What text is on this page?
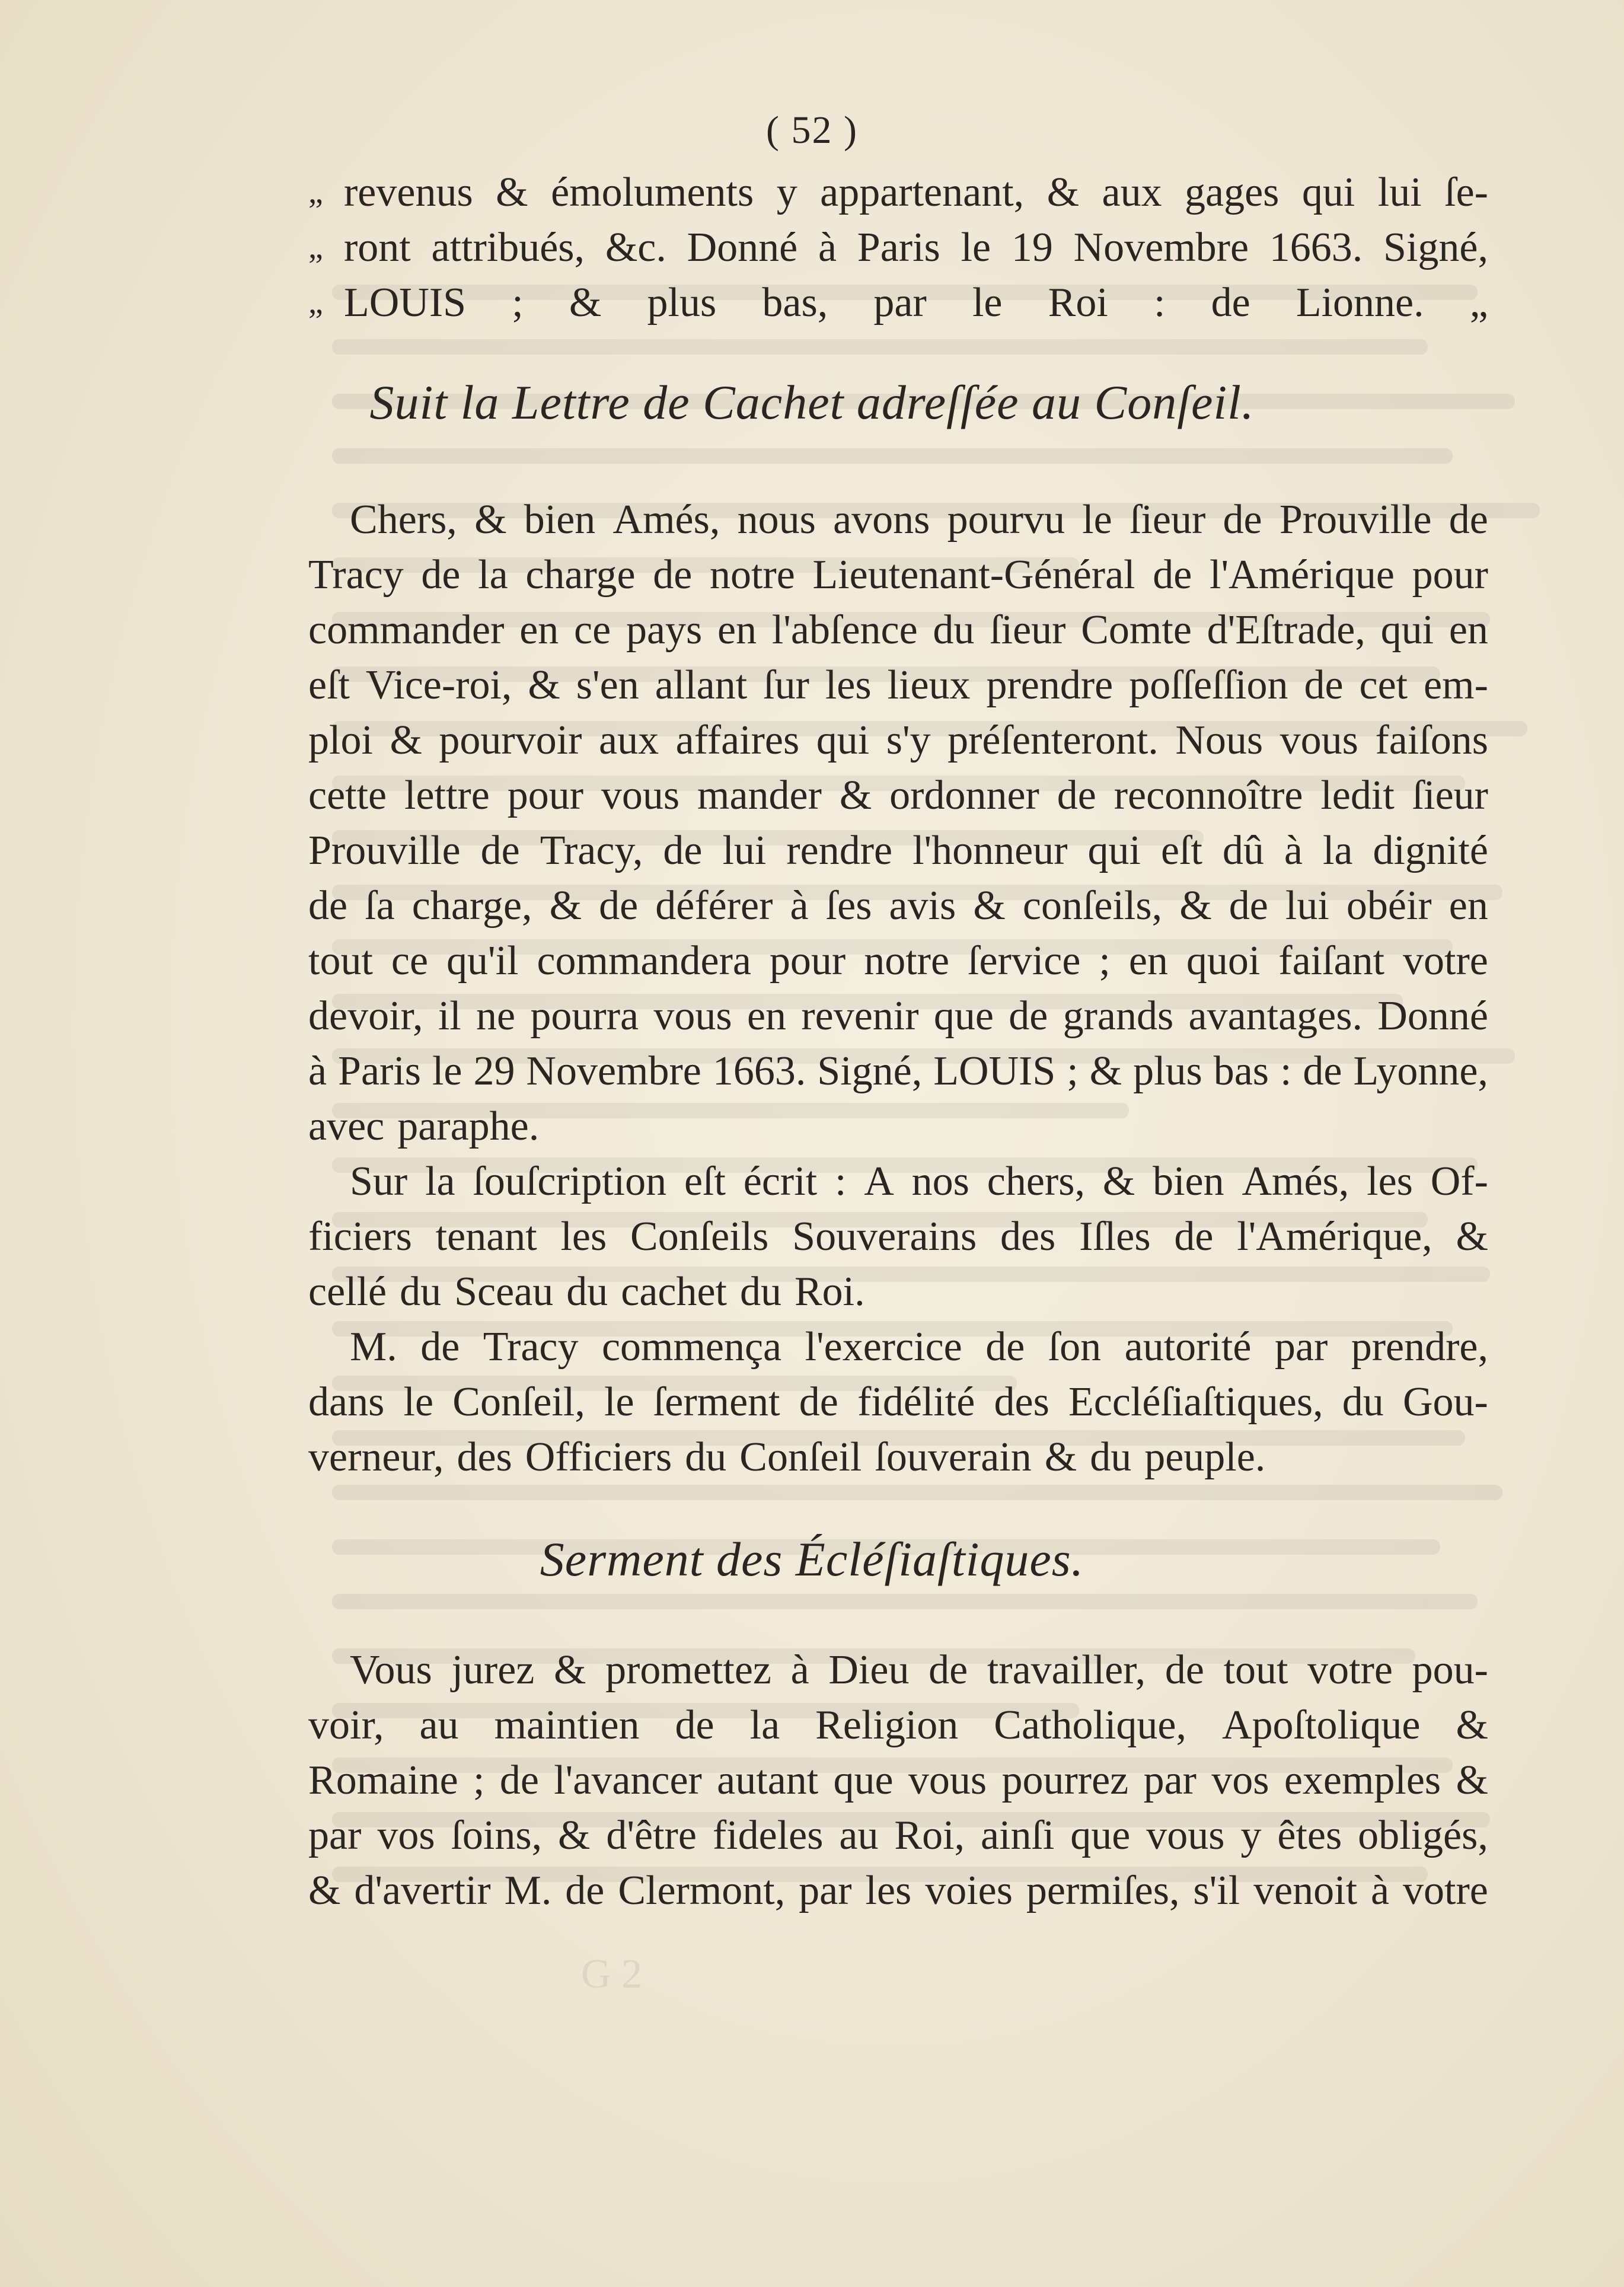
( 52 )
„ revenus & émoluments y appartenant, & aux gages qui lui ſe-
„ ront attribués, &c. Donné à Paris le 19 Novembre 1663. Signé,
„ LOUIS ; & plus bas, par le Roi : de Lionne. „
Suit la Lettre de Cachet adreſſée au Conſeil.
Chers, & bien Amés, nous avons pourvu le ſieur de Prouville de
Tracy de la charge de notre Lieutenant-Général de l'Amérique pour
commander en ce pays en l'abſence du ſieur Comte d'Eſtrade, qui en
eſt Vice-roi, & s'en allant ſur les lieux prendre poſſeſſion de cet em-
ploi & pourvoir aux affaires qui s'y préſenteront. Nous vous faiſons
cette lettre pour vous mander & ordonner de reconnoître ledit ſieur
Prouville de Tracy, de lui rendre l'honneur qui eſt dû à la dignité
de ſa charge, & de déférer à ſes avis & conſeils, & de lui obéir en
tout ce qu'il commandera pour notre ſervice ; en quoi faiſant votre
devoir, il ne pourra vous en revenir que de grands avantages. Donné
à Paris le 29 Novembre 1663. Signé, LOUIS ; & plus bas : de Lyonne,
avec paraphe.
Sur la ſouſcription eſt écrit : A nos chers, & bien Amés, les Of-
ficiers tenant les Conſeils Souverains des Iſles de l'Amérique, &
cellé du Sceau du cachet du Roi.
M. de Tracy commença l'exercice de ſon autorité par prendre,
dans le Conſeil, le ſerment de fidélité des Eccléſiaſtiques, du Gou-
verneur, des Officiers du Conſeil ſouverain & du peuple.
Serment des Écléſiaſtiques.
Vous jurez & promettez à Dieu de travailler, de tout votre pou-
voir, au maintien de la Religion Catholique, Apoſtolique &
Romaine ; de l'avancer autant que vous pourrez par vos exemples &
par vos ſoins, & d'être fideles au Roi, ainſi que vous y êtes obligés,
& d'avertir M. de Clermont, par les voies permiſes, s'il venoit à votre
G 2
